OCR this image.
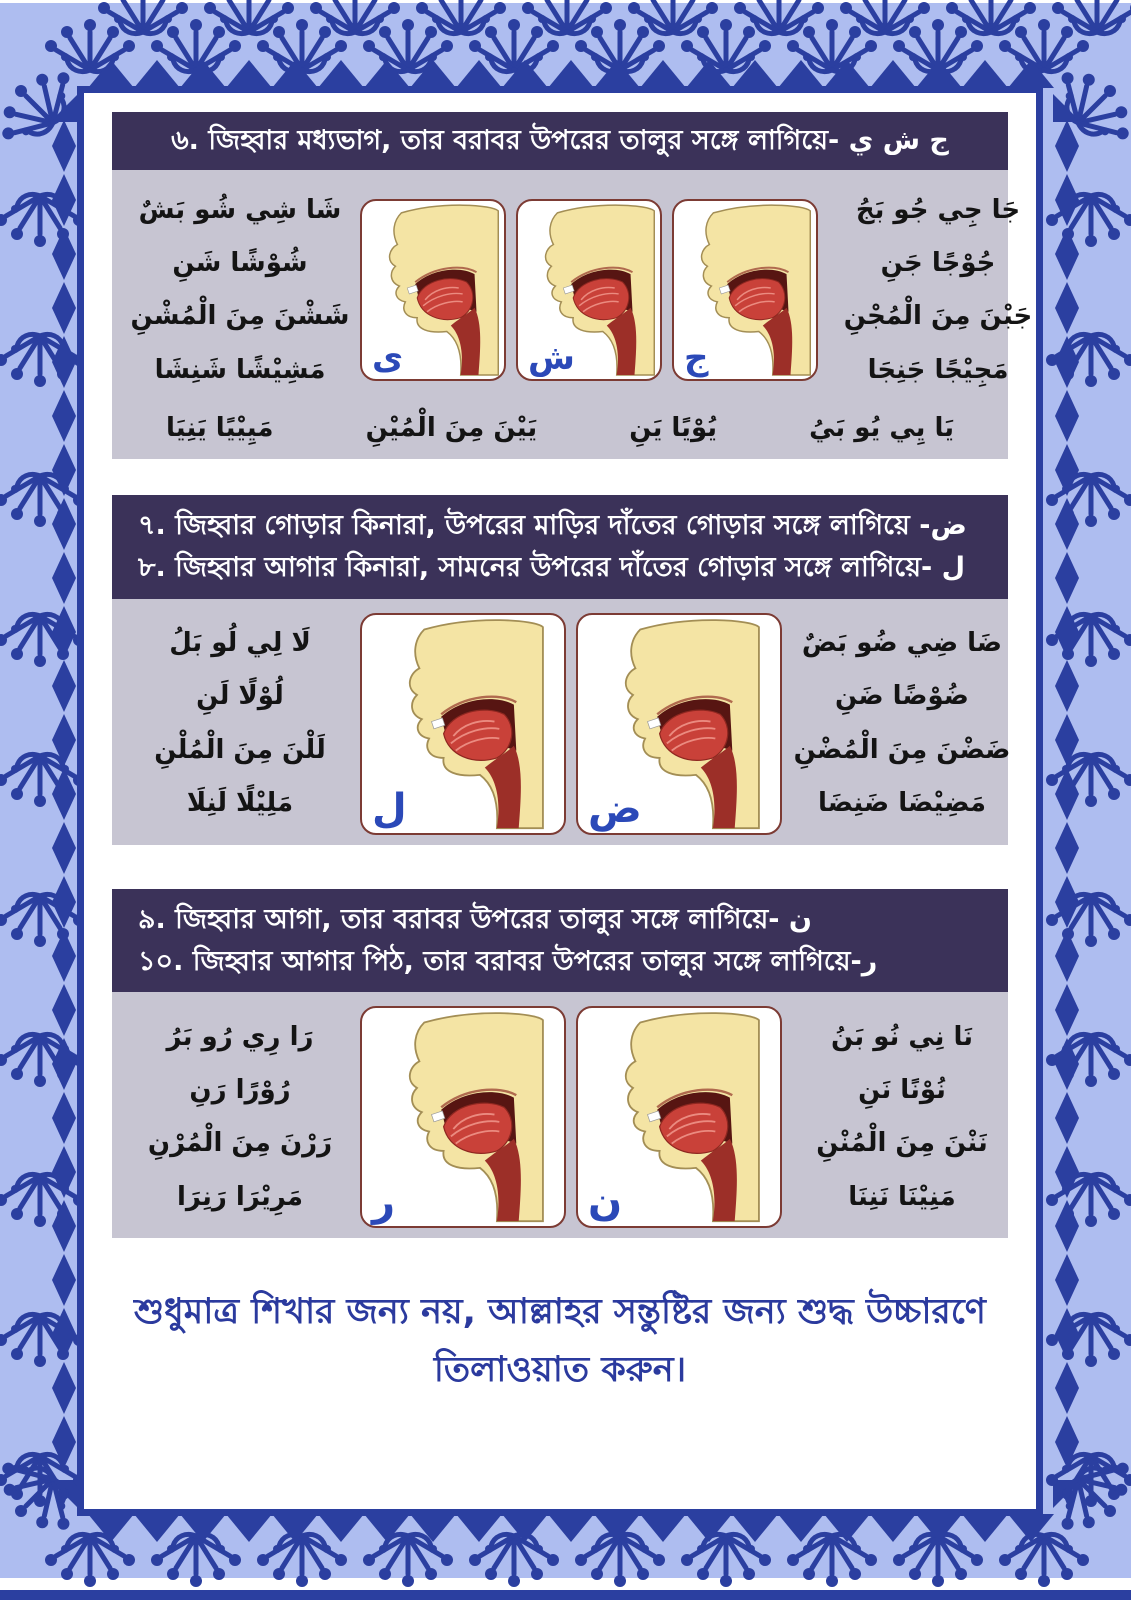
৬. জিহ্বার মধ্যভাগ, তার বরাবর উপরের তালুর সঙ্গে লাগিয়ে- ج ش ي
شَا شِي شُو بَشٌ
شُوْشًا شَنِ
شَشْنَ مِنَ الْمُشْنِ
مَشِيْشًا شَنِشَا	ى	ش	ج
جَا جِي جُو بَجُ
جُوْجًا جَنِ
جَبْنَ مِنَ الْمُجْنِ
مَجِيْجًا جَنِجَا
يَا يِي يُو بَيُ
يُوْيًا يَنِ
يَيْنَ مِنَ الْمُيْنِ
مَيِيْيًا يَنِيَا
৭. জিহ্বার গোড়ার কিনারা, উপরের মাড়ির দাঁতের গোড়ার সঙ্গে লাগিয়ে -ض
৮. জিহ্বার আগার কিনারা, সামনের উপরের দাঁতের গোড়ার সঙ্গে লাগিয়ে- ل
لَا لِي لُو بَلُ
لُوْلًا لَنِ
لَلْنَ مِنَ الْمُلْنِ
مَلِيْلًا لَنِلَا	ل	ض
ضَا ضِي ضُو بَضٌ
ضُوْضًا ضَنِ
ضَضْنَ مِنَ الْمُضْنِ
مَضِيْضَا ضَنِضَا
৯. জিহ্বার আগা, তার বরাবর উপরের তালুর সঙ্গে লাগিয়ে- ن
১০. জিহ্বার আগার পিঠ, তার বরাবর উপরের তালুর সঙ্গে লাগিয়ে-ر
رَا رِي رُو بَرُ
رُوْرًا رَنِ
رَرْنَ مِنَ الْمُرْنِ
مَرِيْرَا رَنِرَا	ر	ن
نَا نِي نُو بَنُ
نُوْنًا نَنِ
نَنْنَ مِنَ الْمُنْنِ
مَنِيْنَا نَنِنَا
শুধুমাত্র শিখার জন্য নয়, আল্লাহর সন্তুষ্টির জন্য শুদ্ধ উচ্চারণে তিলাওয়াত করুন।
